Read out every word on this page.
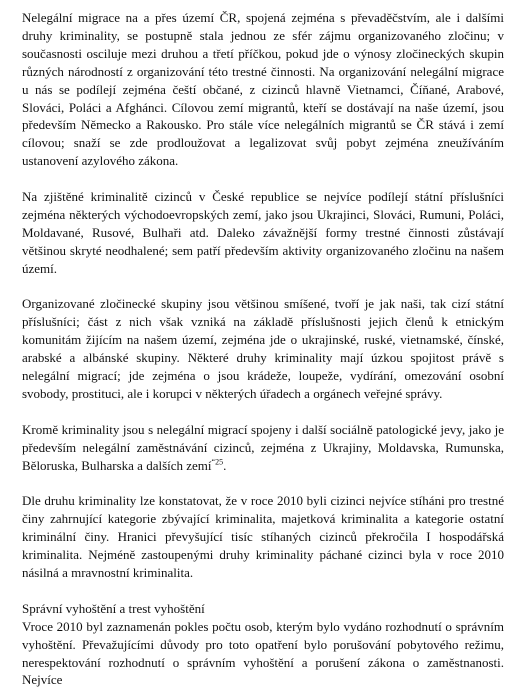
Nelegální migrace na a přes území ČR, spojená zejména s převaděčstvím, ale i dalšími druhy kriminality, se postupně stala jednou ze sfér zájmu organizovaného zločinu; v současnosti osciluje mezi druhou a třetí příčkou, pokud jde o výnosy zločineckých skupin různých národností z organizování této trestné činnosti. Na organizování nelegální migrace u nás se podílejí zejména čeští občané, z cizinců hlavně Vietnamci, Číňané, Arabové, Slováci, Poláci a Afghánci. Cílovou zemí migrantů, kteří se dostávají na naše území, jsou především Německo a Rakousko. Pro stále více nelegálních migrantů se ČR stává i zemí cílovou; snaží se zde prodloužovat a legalizovat svůj pobyt zejména zneužíváním ustanovení azylového zákona.

Na zjištěné kriminalitě cizinců v České republice se nejvíce podílejí státní příslušníci zejména některých východoevropských zemí, jako jsou Ukrajinci, Slováci, Rumuni, Poláci, Moldavané, Rusové, Bulhaři atd. Daleko závažnější formy trestné činnosti zůstávají většinou skryté neodhalené; sem patří především aktivity organizovaného zločinu na našem území.

Organizované zločinecké skupiny jsou většinou smíšené, tvoří je jak naši, tak cizí státní příslušníci; část z nich však vzniká na základě příslušnosti jejich členů k etnickým komunitám žijícím na našem území, zejména jde o ukrajinské, ruské, vietnamské, čínské, arabské a albánské skupiny. Některé druhy kriminality mají úzkou spojitost právě s nelegální migrací; jde zejména o jsou krádeže, loupeže, vydírání, omezování osobní svobody, prostituci, ale i korupci v některých úřadech a orgánech veřejné správy.

Kromě kriminality jsou s nelegální migrací spojeny i další sociálně patologické jevy, jako je především nelegální zaměstnávání cizinců, zejména z Ukrajiny, Moldavska, Rumunska, Běloruska, Bulharska a dalších zemí$^{“25}$.

Dle druhu kriminality lze konstatovat, že v roce 2010 byli cizinci nejvíce stíháni pro trestné činy zahrnující kategorie zbývající kriminalita, majetková kriminalita a kategorie ostatní kriminální činy. Hranici převyšující tisíc stíhaných cizinců překročila I hospodářská kriminalita. Nejméně zastoupenými druhy kriminality páchané cizinci byla v roce 2010 násilná a mravnostní kriminalita.

Správní vyhoštění a trest vyhoštění

Vroce 2010 byl zaznamenán pokles počtu osob, kterým bylo vydáno rozhodnutí o správním vyhoštění. Převažujícími důvody pro toto opatření bylo porušování pobytového režimu, nerespektování rozhodnutí o správním vyhoštění a porušení zákona o zaměstnanosti. Nejvíce
